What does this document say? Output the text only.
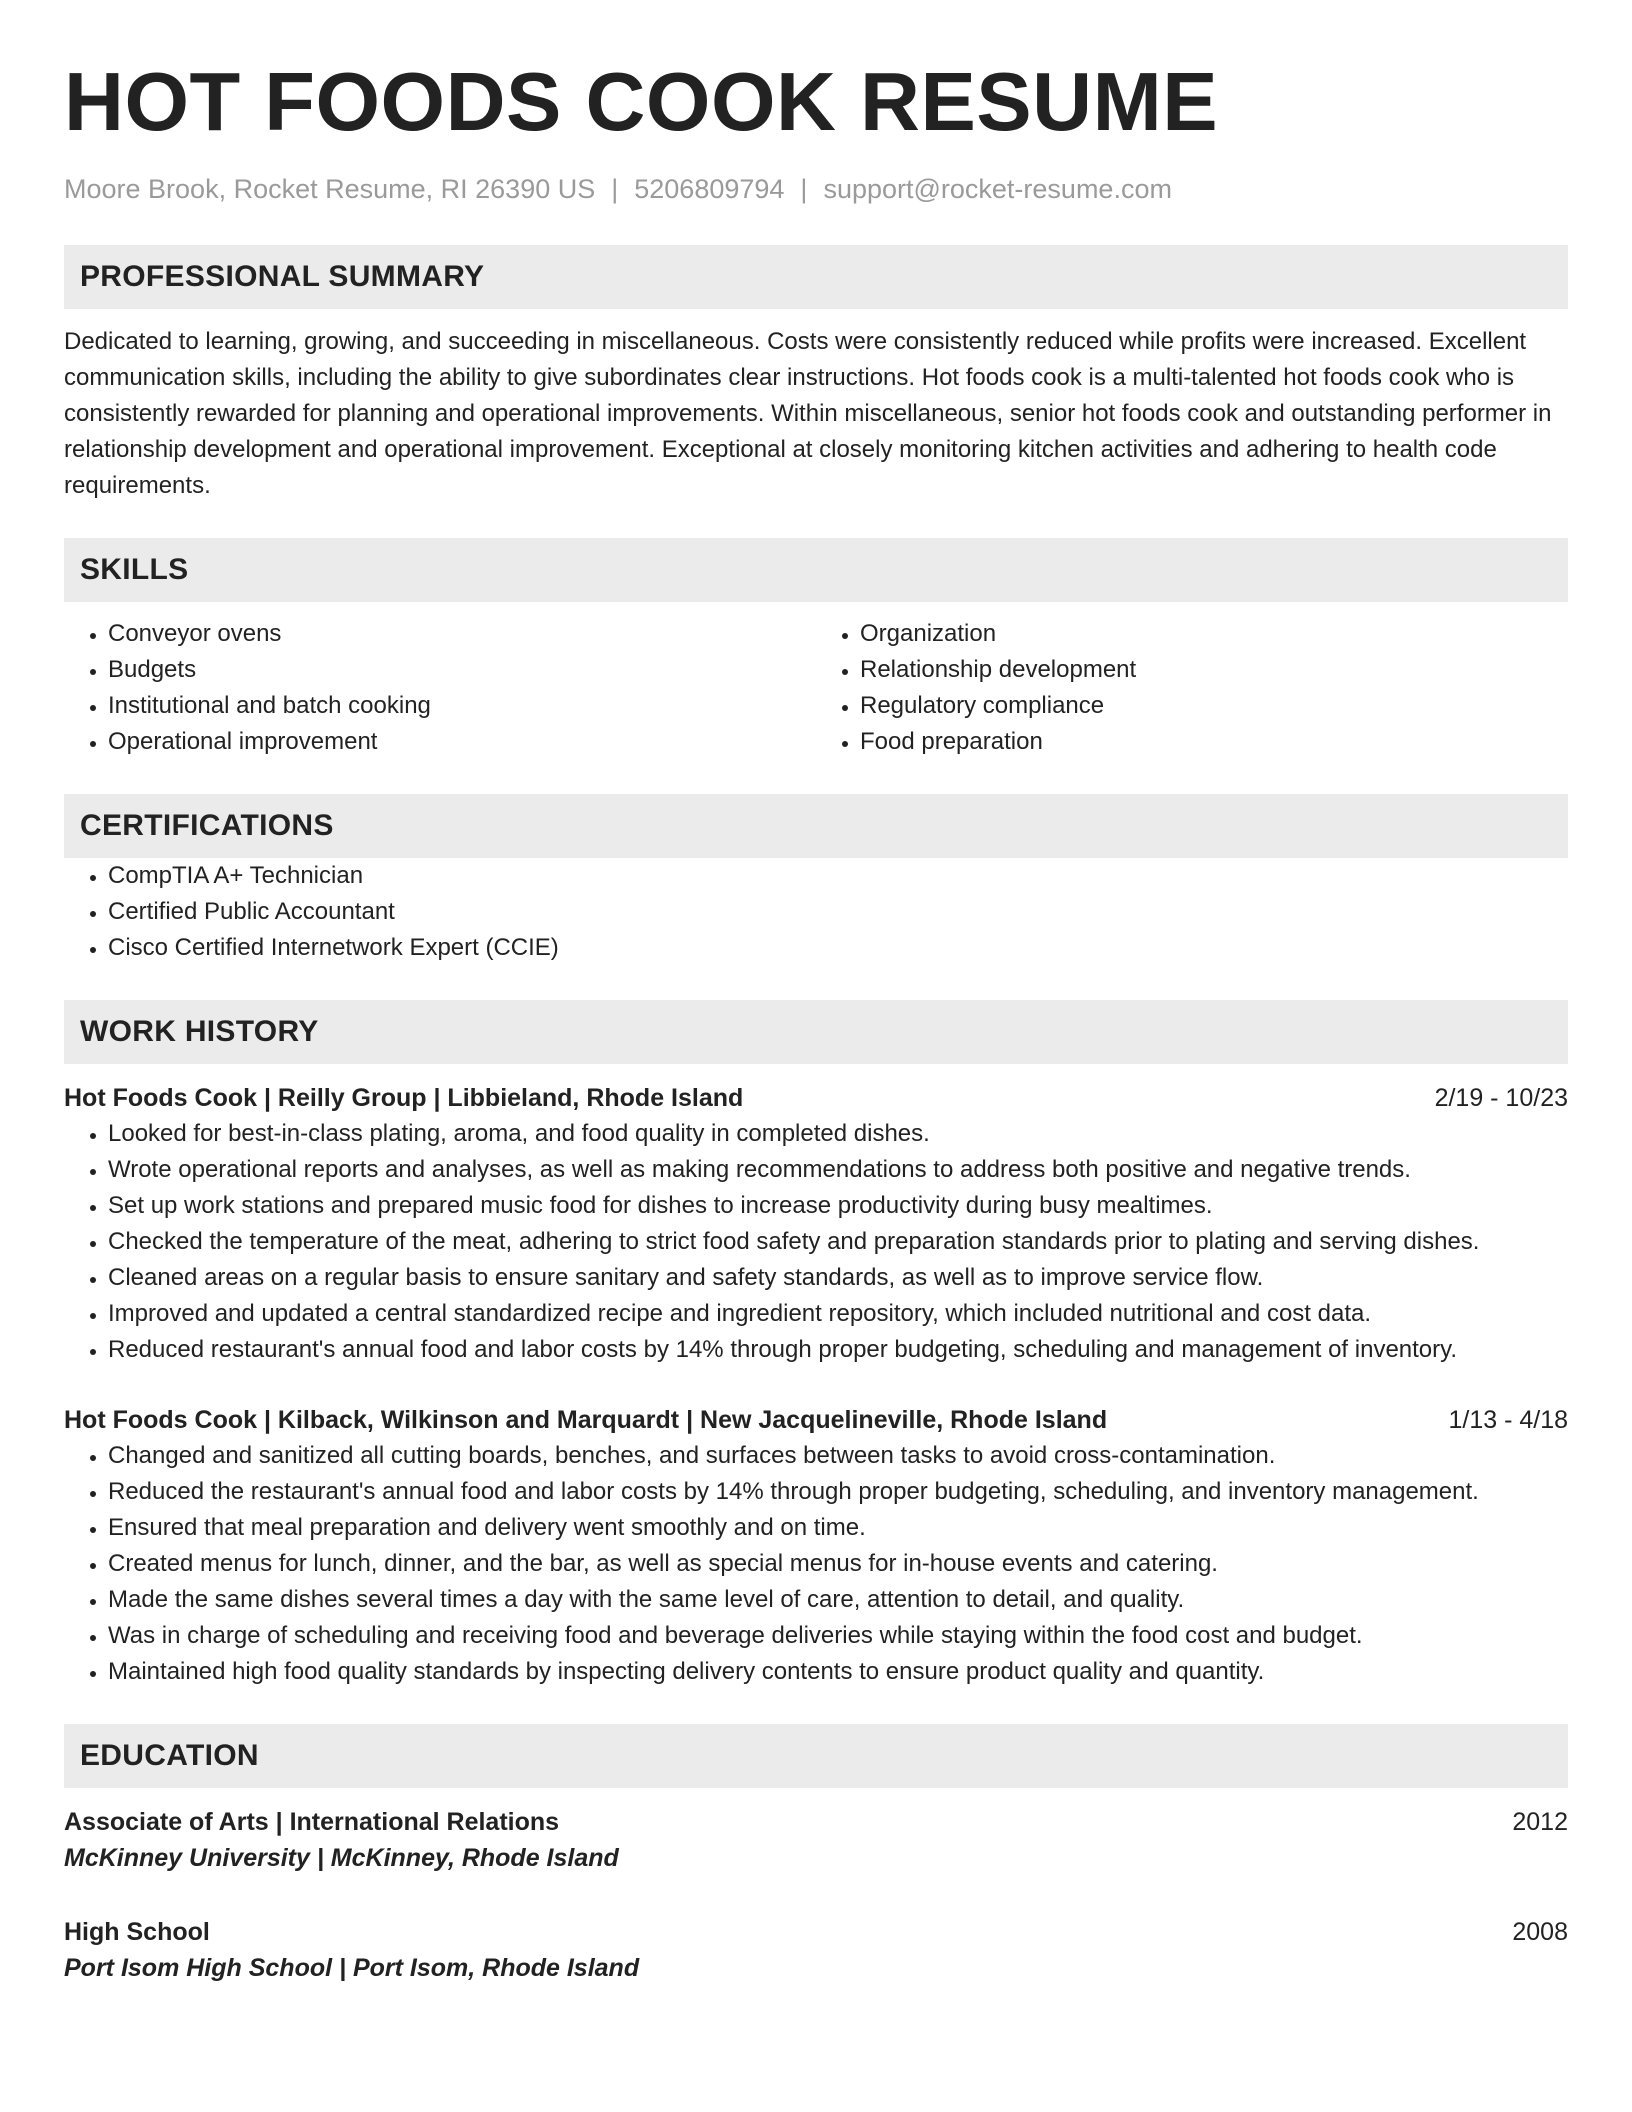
HOT FOODS COOK RESUME
Moore Brook, Rocket Resume, RI 26390 US | 5206809794 | support@rocket-resume.com
PROFESSIONAL SUMMARY
Dedicated to learning, growing, and succeeding in miscellaneous. Costs were consistently reduced while profits were increased. Excellent communication skills, including the ability to give subordinates clear instructions. Hot foods cook is a multi-talented hot foods cook who is consistently rewarded for planning and operational improvements. Within miscellaneous, senior hot foods cook and outstanding performer in relationship development and operational improvement. Exceptional at closely monitoring kitchen activities and adhering to health code requirements.
SKILLS
• Conveyor ovens
• Budgets
• Institutional and batch cooking
• Operational improvement
• Organization
• Relationship development
• Regulatory compliance
• Food preparation
CERTIFICATIONS
• CompTIA A+ Technician
• Certified Public Accountant
• Cisco Certified Internetwork Expert (CCIE)
WORK HISTORY
Hot Foods Cook | Reilly Group | Libbieland, Rhode Island	2/19 - 10/23
• Looked for best-in-class plating, aroma, and food quality in completed dishes.
• Wrote operational reports and analyses, as well as making recommendations to address both positive and negative trends.
• Set up work stations and prepared music food for dishes to increase productivity during busy mealtimes.
• Checked the temperature of the meat, adhering to strict food safety and preparation standards prior to plating and serving dishes.
• Cleaned areas on a regular basis to ensure sanitary and safety standards, as well as to improve service flow.
• Improved and updated a central standardized recipe and ingredient repository, which included nutritional and cost data.
• Reduced restaurant's annual food and labor costs by 14% through proper budgeting, scheduling and management of inventory.
Hot Foods Cook | Kilback, Wilkinson and Marquardt | New Jacquelineville, Rhode Island	1/13 - 4/18
• Changed and sanitized all cutting boards, benches, and surfaces between tasks to avoid cross-contamination.
• Reduced the restaurant's annual food and labor costs by 14% through proper budgeting, scheduling, and inventory management.
• Ensured that meal preparation and delivery went smoothly and on time.
• Created menus for lunch, dinner, and the bar, as well as special menus for in-house events and catering.
• Made the same dishes several times a day with the same level of care, attention to detail, and quality.
• Was in charge of scheduling and receiving food and beverage deliveries while staying within the food cost and budget.
• Maintained high food quality standards by inspecting delivery contents to ensure product quality and quantity.
EDUCATION
Associate of Arts | International Relations	2012
McKinney University | McKinney, Rhode Island
High School	2008
Port Isom High School | Port Isom, Rhode Island
